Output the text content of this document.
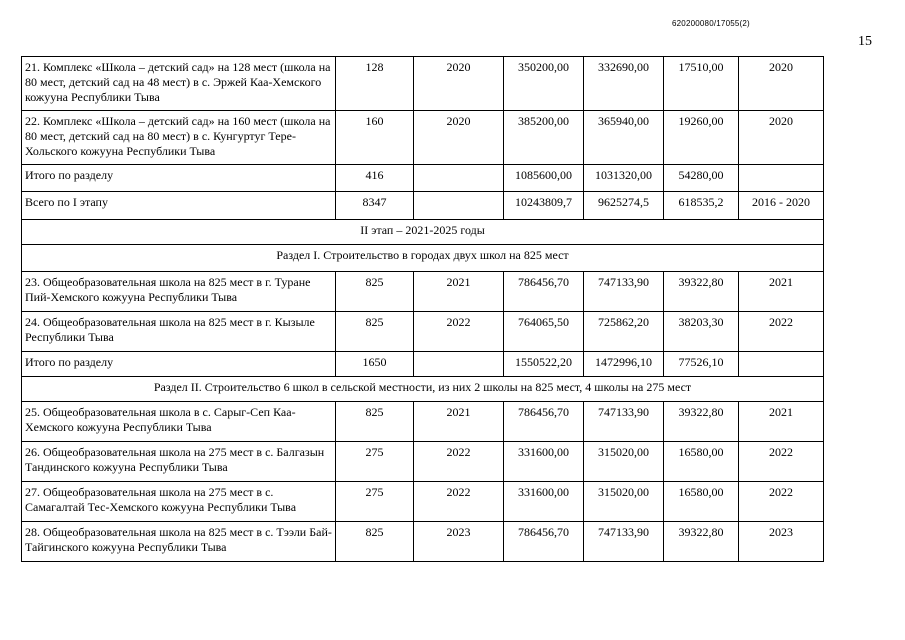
620200080/17055(2)
15
21. Комплекс «Школа – детский сад» на 128 мест (школа на 80 мест, детский сад на 48 мест) в с. Эржей Каа-Хемского кожууна Республики Тыва	128	2020	350200,00	332690,00	17510,00	2020
22. Комплекс «Школа – детский сад» на 160 мест (школа на 80 мест, детский сад на 80 мест) в с. Кунгуртуг Тере-Хольского кожууна Республики Тыва	160	2020	385200,00	365940,00	19260,00	2020
Итого по разделу	416		1085600,00	1031320,00	54280,00	
Всего по I этапу	8347		10243809,7	9625274,5	618535,2	2016 - 2020
II этап – 2021-2025 годы						
Раздел I. Строительство в городах двух школ на 825 мест						
23. Общеобразовательная школа на 825 мест в г. Туране Пий-Хемского кожууна Республики Тыва	825	2021	786456,70	747133,90	39322,80	2021
24. Общеобразовательная школа на 825 мест в г. Кызыле Республики Тыва	825	2022	764065,50	725862,20	38203,30	2022
Итого по разделу	1650		1550522,20	1472996,10	77526,10	
Раздел II. Строительство 6 школ в сельской местности, из них 2 школы на 825 мест, 4 школы на 275 мест						
25. Общеобразовательная школа в с. Сарыг-Сеп Каа-Хемского кожууна Республики Тыва	825	2021	786456,70	747133,90	39322,80	2021
26. Общеобразовательная школа на 275 мест в с. Балгазын Тандинского кожууна Республики Тыва	275	2022	331600,00	315020,00	16580,00	2022
27. Общеобразовательная школа на 275 мест в с. Самагалтай Тес-Хемского кожууна Республики Тыва	275	2022	331600,00	315020,00	16580,00	2022
28. Общеобразовательная школа на 825 мест в с. Тээли Бай-Тайгинского кожууна Республики Тыва	825	2023	786456,70	747133,90	39322,80	2023
